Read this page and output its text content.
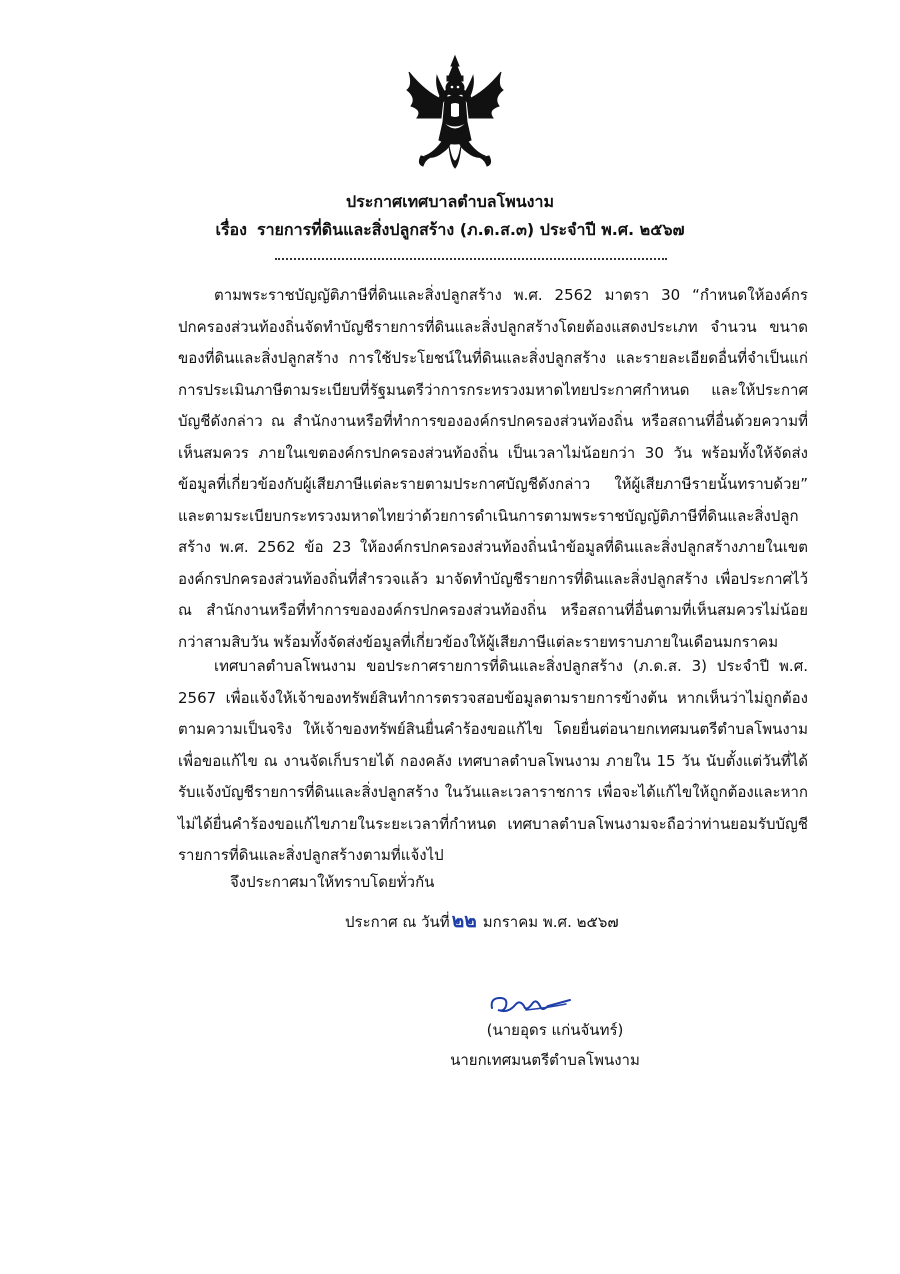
ประกาศเทศบาลตำบลโพนงาม
เรื่อง รายการที่ดินและสิ่งปลูกสร้าง (ภ.ด.ส.๓) ประจำปี พ.ศ. ๒๕๖๗

ตามพระราชบัญญัติภาษีที่ดินและสิ่งปลูกสร้าง พ.ศ. 2562 มาตรา 30 “กำหนดให้องค์กรปกครองส่วนท้องถิ่นจัดทำบัญชีรายการที่ดินและสิ่งปลูกสร้างโดยต้องแสดงประเภท จำนวน ขนาดของที่ดินและสิ่งปลูกสร้าง การใช้ประโยชน์ในที่ดินและสิ่งปลูกสร้าง และรายละเอียดอื่นที่จำเป็นแก่การประเมินภาษีตามระเบียบที่รัฐมนตรีว่าการกระทรวงมหาดไทยประกาศกำหนด และให้ประกาศบัญชีดังกล่าว ณ สำนักงานหรือที่ทำการขององค์กรปกครองส่วนท้องถิ่น หรือสถานที่อื่นด้วยความที่เห็นสมควร ภายในเขตองค์กรปกครองส่วนท้องถิ่น เป็นเวลาไม่น้อยกว่า 30 วัน พร้อมทั้งให้จัดส่งข้อมูลที่เกี่ยวข้องกับผู้เสียภาษีแต่ละรายตามประกาศบัญชีดังกล่าว ให้ผู้เสียภาษีรายนั้นทราบด้วย” และตามระเบียบกระทรวงมหาดไทยว่าด้วยการดำเนินการตามพระราชบัญญัติภาษีที่ดินและสิ่งปลูกสร้าง พ.ศ. 2562 ข้อ 23 ให้องค์กรปกครองส่วนท้องถิ่นนำข้อมูลที่ดินและสิ่งปลูกสร้างภายในเขตองค์กรปกครองส่วนท้องถิ่นที่สำรวจแล้ว มาจัดทำบัญชีรายการที่ดินและสิ่งปลูกสร้าง เพื่อประกาศไว้ ณ สำนักงานหรือที่ทำการขององค์กรปกครองส่วนท้องถิ่น หรือสถานที่อื่นตามที่เห็นสมควรไม่น้อยกว่าสามสิบวัน พร้อมทั้งจัดส่งข้อมูลที่เกี่ยวข้องให้ผู้เสียภาษีแต่ละรายทราบภายในเดือนมกราคม

เทศบาลตำบลโพนงาม ขอประกาศรายการที่ดินและสิ่งปลูกสร้าง (ภ.ด.ส. 3) ประจำปี พ.ศ. 2567 เพื่อแจ้งให้เจ้าของทรัพย์สินทำการตรวจสอบข้อมูลตามรายการข้างต้น หากเห็นว่าไม่ถูกต้องตามความเป็นจริง ให้เจ้าของทรัพย์สินยื่นคำร้องขอแก้ไข โดยยื่นต่อนายกเทศมนตรีตำบลโพนงามเพื่อขอแก้ไข ณ งานจัดเก็บรายได้ กองคลัง เทศบาลตำบลโพนงาม ภายใน 15 วัน นับตั้งแต่วันที่ได้รับแจ้งบัญชีรายการที่ดินและสิ่งปลูกสร้าง ในวันและเวลาราชการ เพื่อจะได้แก้ไขให้ถูกต้องและหากไม่ได้ยื่นคำร้องขอแก้ไขภายในระยะเวลาที่กำหนด เทศบาลตำบลโพนงามจะถือว่าท่านยอมรับบัญชีรายการที่ดินและสิ่งปลูกสร้างตามที่แจ้งไป

จึงประกาศมาให้ทราบโดยทั่วกัน
ประกาศ ณ วันที่ ๒๒ มกราคม พ.ศ. ๒๕๖๗
(นายอุดร แก่นจันทร์)
นายกเทศมนตรีตำบลโพนงาม
